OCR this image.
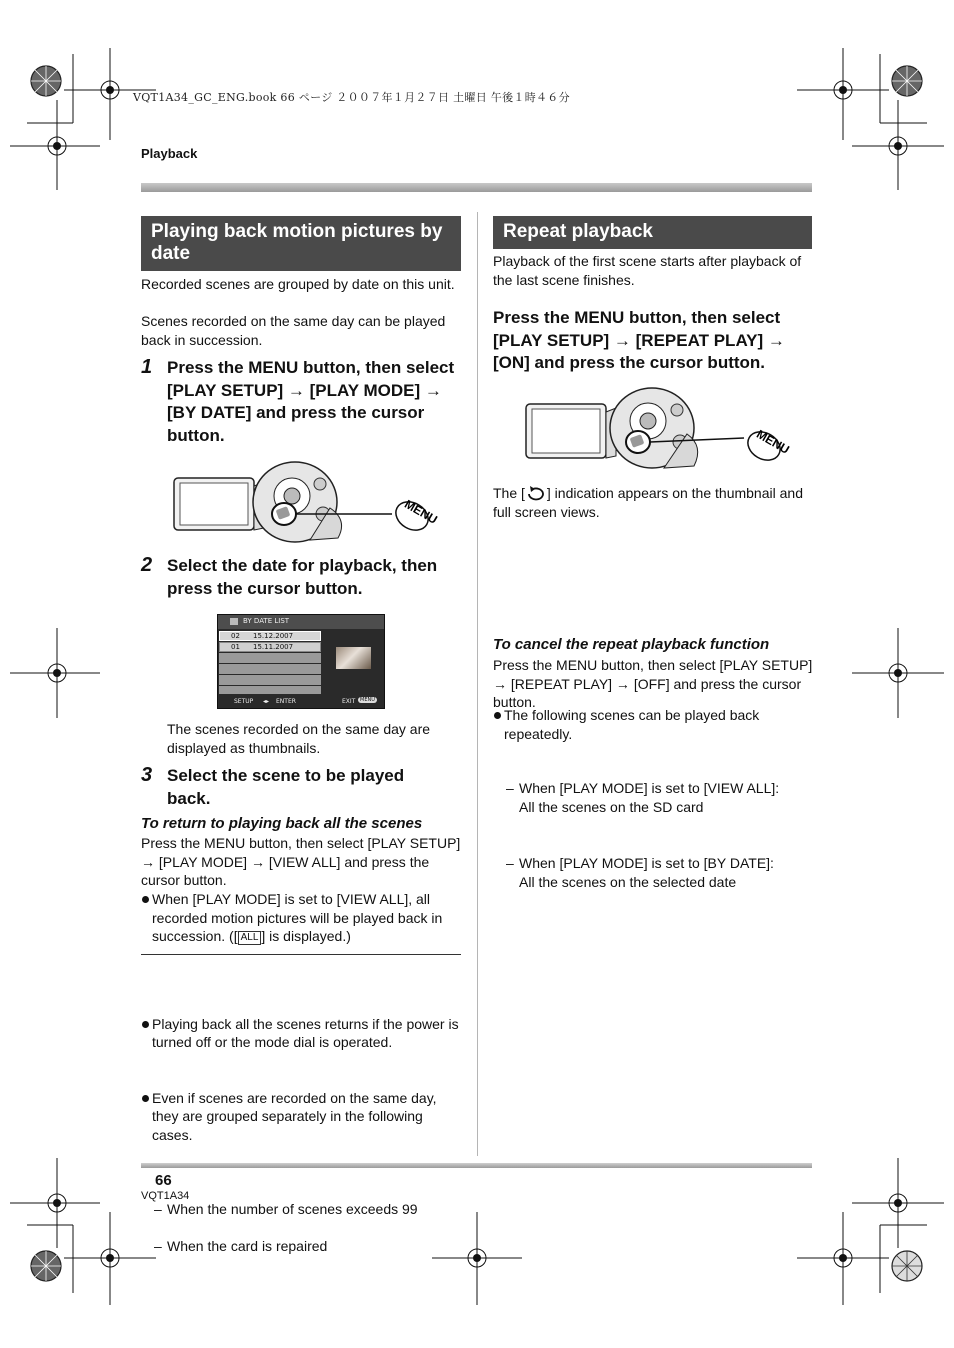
VQT1A34_GC_ENG.book 66 ページ ２００７年１月２７日 土曜日 午後１時４６分
Playback
Playing back motion pictures by date
Recorded scenes are grouped by date on this unit.
Scenes recorded on the same day can be played back in succession.
1 Press the MENU button, then select [PLAY SETUP] → [PLAY MODE] → [BY DATE] and press the cursor button.
MENU
2 Select the date for playback, then press the cursor button.
BY DATE LIST
02 15.12.2007
01 15.11.2007
SETUP ◂▸ ENTER	EXIT MENU
The scenes recorded on the same day are displayed as thumbnails.
3 Select the scene to be played back.
To return to playing back all the scenes
Press the MENU button, then select [PLAY SETUP] → [PLAY MODE] → [VIEW ALL] and press the cursor button.
When [PLAY MODE] is set to [VIEW ALL], all recorded motion pictures will be played back in succession. ([ ALL ] is displayed.)
Playing back all the scenes returns if the power is turned off or the mode dial is operated.
Even if scenes are recorded on the same day, they are grouped separately in the following cases.
– When the number of scenes exceeds 99
– When the card is repaired
Repeat playback
Playback of the first scene starts after playback of the last scene finishes.
Press the MENU button, then select [PLAY SETUP] → [REPEAT PLAY] → [ON] and press the cursor button.
MENU
The [ ] indication appears on the thumbnail and full screen views.
The following scenes can be played back repeatedly.
– When [PLAY MODE] is set to [VIEW ALL]:
All the scenes on the SD card
– When [PLAY MODE] is set to [BY DATE]:
All the scenes on the selected date
To cancel the repeat playback function
Press the MENU button, then select [PLAY SETUP] → [REPEAT PLAY] → [OFF] and press the cursor button.
66
VQT1A34
